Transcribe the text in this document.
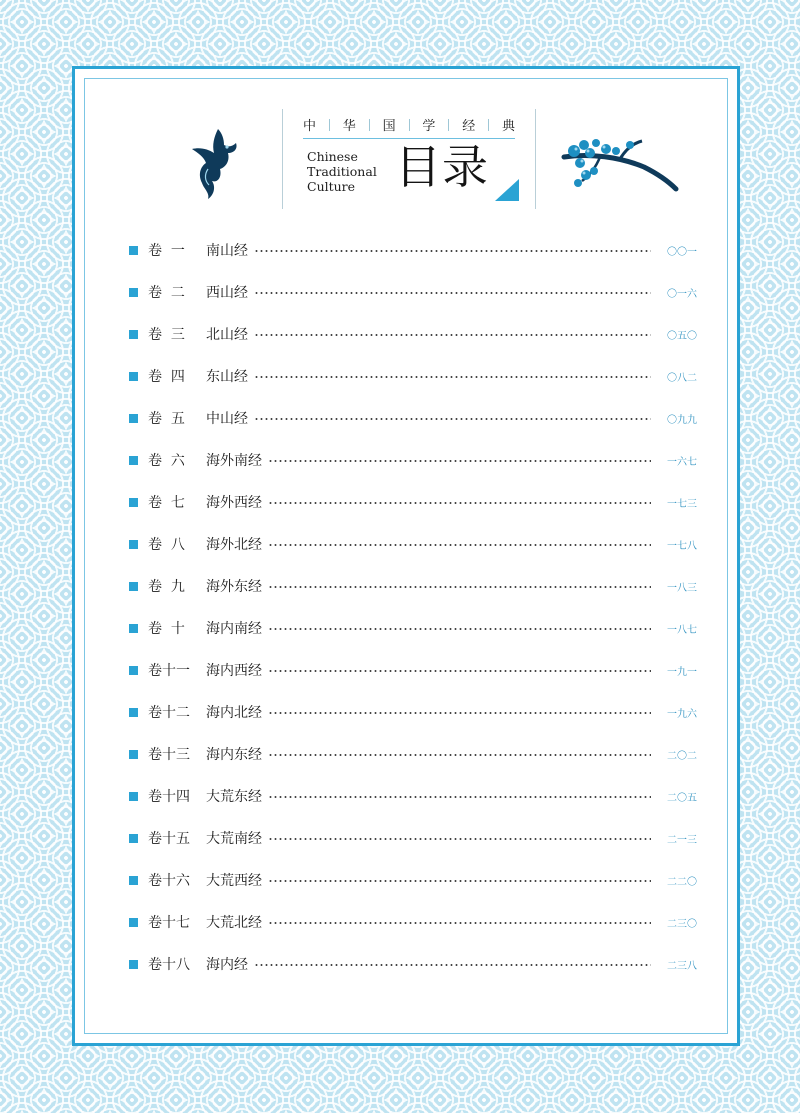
中 华 国 学 经 典
Chinese
Traditional
Culture 目录
卷  一	南山经	〇〇一
卷  二	西山经	〇一六
卷  三	北山经	〇五〇
卷  四	东山经	〇八二
卷  五	中山经	〇九九
卷  六	海外南经	一六七
卷  七	海外西经	一七三
卷  八	海外北经	一七八
卷  九	海外东经	一八三
卷  十	海内南经	一八七
卷十一	海内西经	一九一
卷十二	海内北经	一九六
卷十三	海内东经	二〇二
卷十四	大荒东经	二〇五
卷十五	大荒南经	二一三
卷十六	大荒西经	二二〇
卷十七	大荒北经	二三〇
卷十八	海内经	二三八
